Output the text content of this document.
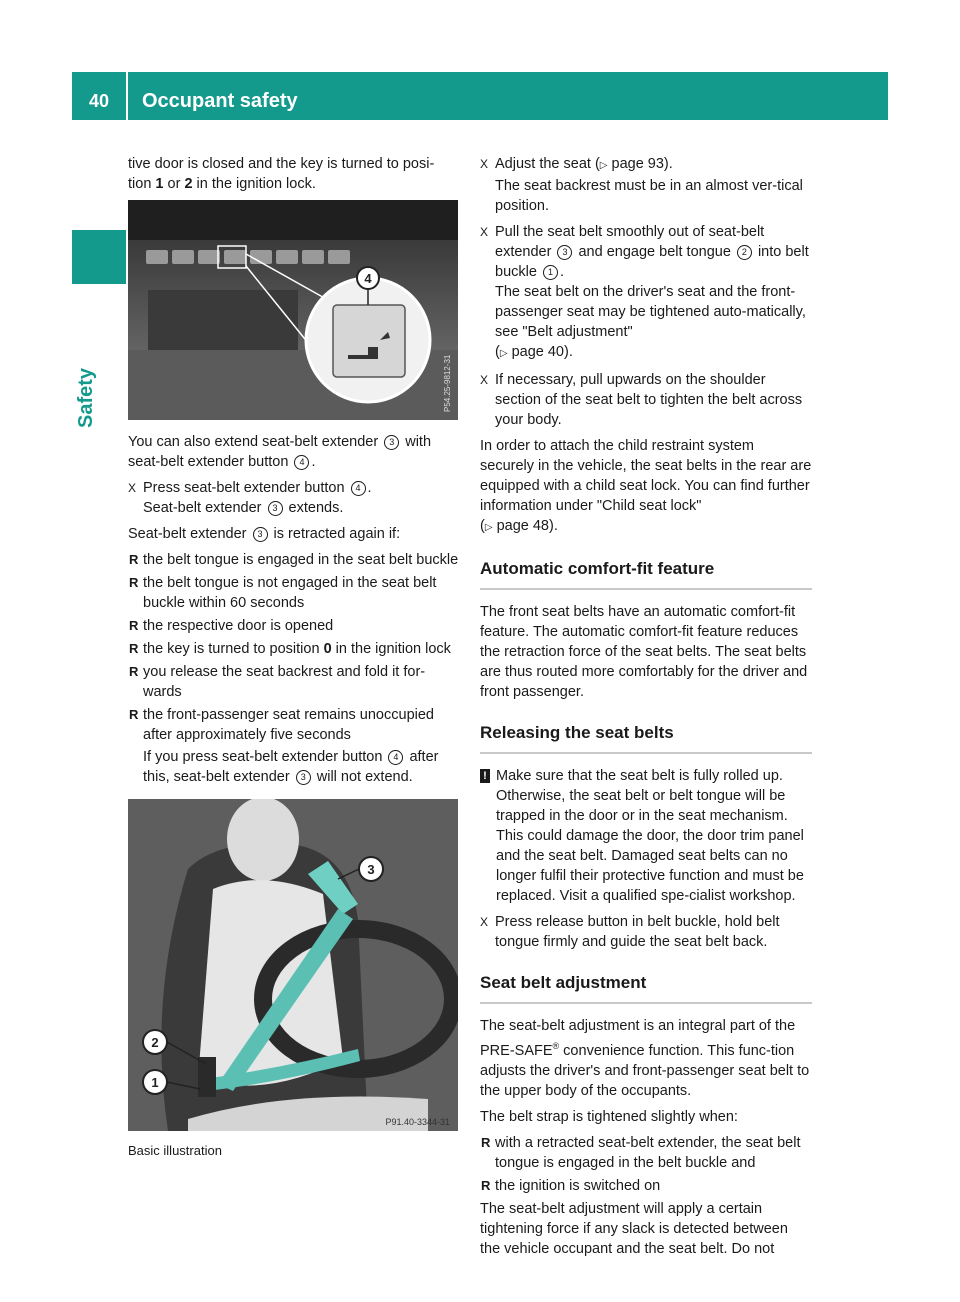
40	Occupant safety
Safety

tive door is closed and the key is turned to posi-
tion 1 or 2 in the ignition lock.

4
P54.25-9812-31

You can also extend seat-belt extender 3 with seat-belt extender button 4 .

X Press seat-belt extender button 4 .
Seat-belt extender 3 extends.

Seat-belt extender 3 is retracted again if:

R the belt tongue is engaged in the seat belt buckle
R the belt tongue is not engaged in the seat belt buckle within 60 seconds
R the respective door is opened
R the key is turned to position 0 in the ignition lock
R you release the seat backrest and fold it for-wards
R the front-passenger seat remains unoccupied after approximately five seconds
If you press seat-belt extender button 4 after this, seat-belt extender 3 will not extend.
3
2
1
P91.40-3344-31
Basic illustration
X Adjust the seat (▷ page 93).
The seat backrest must be in an almost ver-tical position.
X Pull the seat belt smoothly out of seat-belt extender 3 and engage belt tongue 2 into belt buckle 1 .
The seat belt on the driver's seat and the front-passenger seat may be tightened auto-matically, see "Belt adjustment"
(▷ page 40).
X If necessary, pull upwards on the shoulder section of the seat belt to tighten the belt across your body.

In order to attach the child restraint system securely in the vehicle, the seat belts in the rear are equipped with a child seat lock. You can find further information under "Child seat lock"
(▷ page 48).

Automatic comfort-fit feature

The front seat belts have an automatic comfort-fit feature. The automatic comfort-fit feature reduces the retraction force of the seat belts. The seat belts are thus routed more comfortably for the driver and front passenger.

Releasing the seat belts
! Make sure that the seat belt is fully rolled up. Otherwise, the seat belt or belt tongue will be trapped in the door or in the seat mechanism. This could damage the door, the door trim panel and the seat belt. Damaged seat belts can no longer fulfil their protective function and must be replaced. Visit a qualified spe-cialist workshop.
X Press release button in belt buckle, hold belt tongue firmly and guide the seat belt back.
Seat belt adjustment

The seat-belt adjustment is an integral part of the PRE-SAFE® convenience function. This func-tion adjusts the driver's and front-passenger seat belt to the upper body of the occupants.

The belt strap is tightened slightly when:

R with a retracted seat-belt extender, the seat belt tongue is engaged in the belt buckle and
R the ignition is switched on

The seat-belt adjustment will apply a certain tightening force if any slack is detected between the vehicle occupant and the seat belt. Do not
